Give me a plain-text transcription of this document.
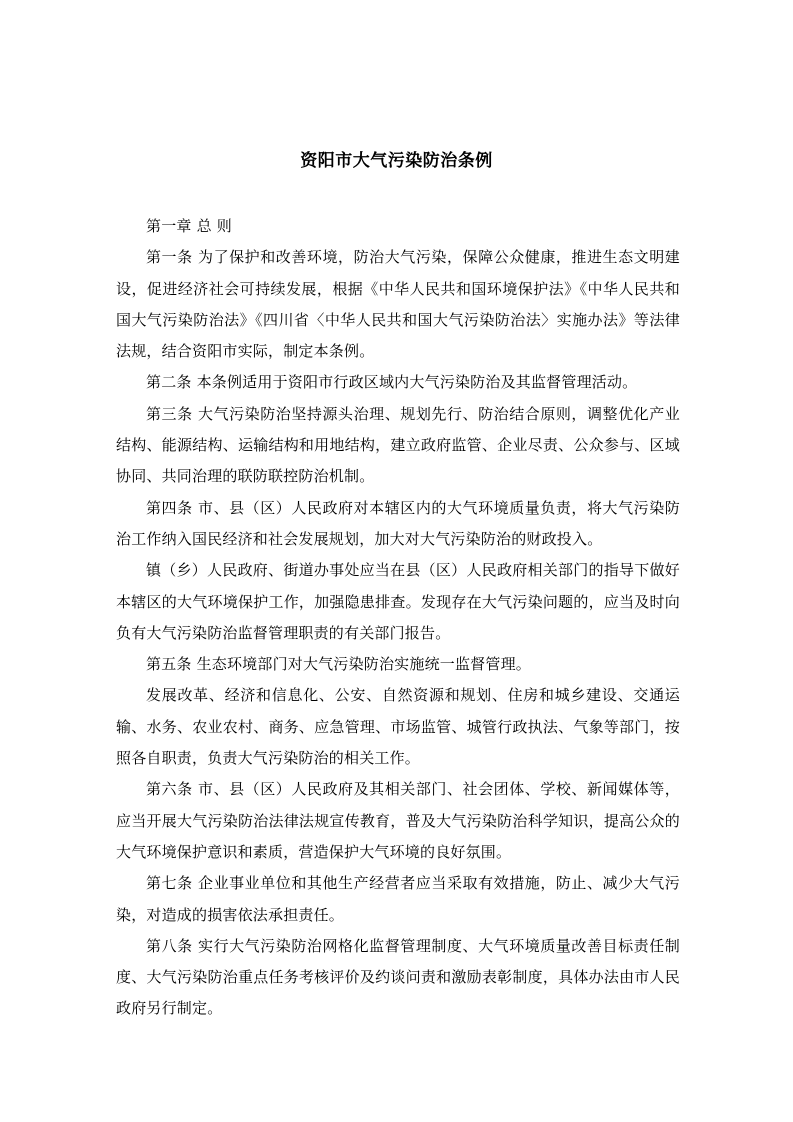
资阳市大气污染防治条例

第一章 总 则

第一条 为了保护和改善环境，防治大气污染，保障公众健康，推进生态文明建设，促进经济社会可持续发展，根据《中华人民共和国环境保护法》《中华人民共和国大气污染防治法》《四川省〈中华人民共和国大气污染防治法〉实施办法》等法律法规，结合资阳市实际，制定本条例。

第二条 本条例适用于资阳市行政区域内大气污染防治及其监督管理活动。

第三条 大气污染防治坚持源头治理、规划先行、防治结合原则，调整优化产业结构、能源结构、运输结构和用地结构，建立政府监管、企业尽责、公众参与、区域协同、共同治理的联防联控防治机制。

第四条 市、县（区）人民政府对本辖区内的大气环境质量负责，将大气污染防治工作纳入国民经济和社会发展规划，加大对大气污染防治的财政投入。

镇（乡）人民政府、街道办事处应当在县（区）人民政府相关部门的指导下做好本辖区的大气环境保护工作，加强隐患排查。发现存在大气污染问题的，应当及时向负有大气污染防治监督管理职责的有关部门报告。

第五条 生态环境部门对大气污染防治实施统一监督管理。

发展改革、经济和信息化、公安、自然资源和规划、住房和城乡建设、交通运输、水务、农业农村、商务、应急管理、市场监管、城管行政执法、气象等部门，按照各自职责，负责大气污染防治的相关工作。

第六条 市、县（区）人民政府及其相关部门、社会团体、学校、新闻媒体等，应当开展大气污染防治法律法规宣传教育，普及大气污染防治科学知识，提高公众的大气环境保护意识和素质，营造保护大气环境的良好氛围。

第七条 企业事业单位和其他生产经营者应当采取有效措施，防止、减少大气污染，对造成的损害依法承担责任。

第八条 实行大气污染防治网格化监督管理制度、大气环境质量改善目标责任制度、大气污染防治重点任务考核评价及约谈问责和激励表彰制度，具体办法由市人民政府另行制定。
